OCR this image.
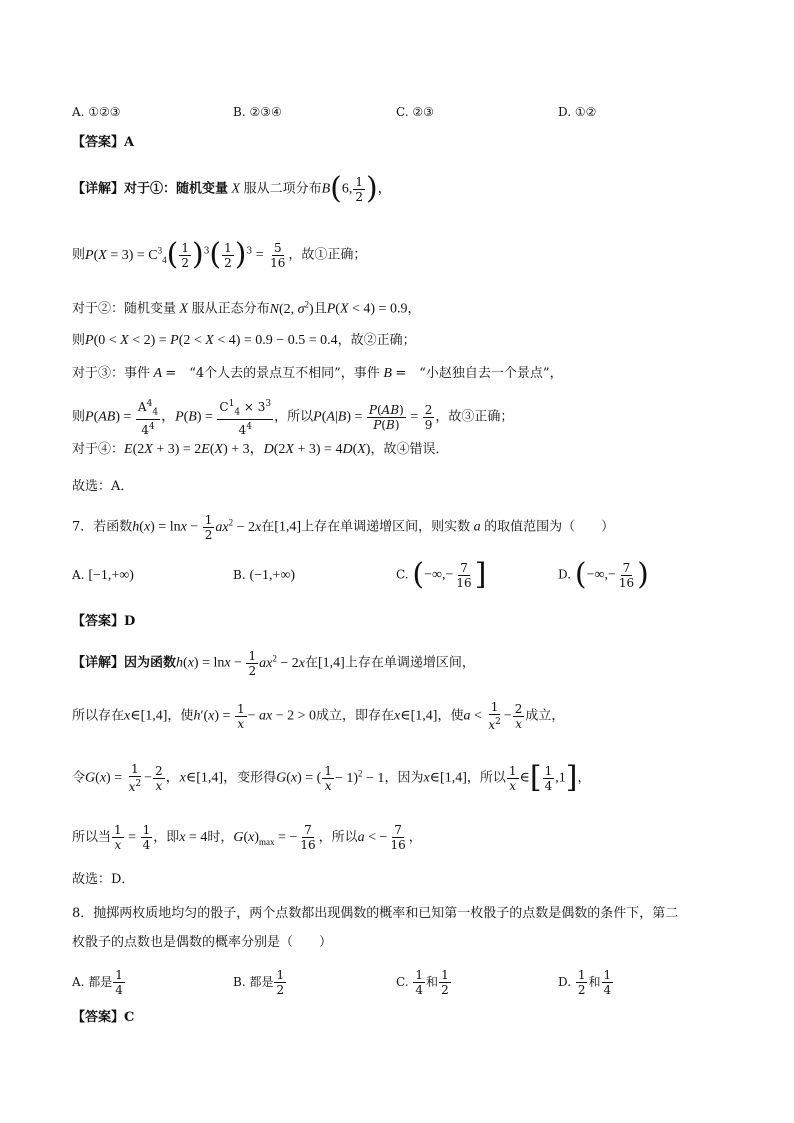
A. ①②③	B. ②③④	C. ②③	D. ①②
【答案】A
【详解】对于①：随机变量 X 服从二项分布B(6, $\frac{1}{2}$ )，
则$P(X = 3) = C^3_4( \frac{1}{2} )^3( \frac{1}{2} )^3 = \frac{5}{16}$ ，故①正确；
对于②：随机变量 X 服从正态分布N(2, $\sigma^2$)且P(X < 4) = 0.9，
则P(0 < X < 2) = P(2 < X < 4) = 0.9 − 0.5 = 0.4，故②正确；
对于③：事件 A =　“4个人去的景点互不相同”，事件 B =　“小赵独自去一个景点”，
则$P(AB) = \frac{A^4_4}{4^4}$ ，$P(B) = \frac{C^1_4 \times 3^3}{4^4}$ ，所以$P(A|B) = \frac{P(AB)}{P(B)} = \frac{2}{9}$ ，故③正确；
对于④：E(2X + 3) = 2E(X) + 3，D(2X + 3) = 4D(X)，故④错误．
故选：A．
7．若函数$h(x) = \ln x - \frac{1}{2} ax^2 - 2x$在[1,4]上存在单调递增区间，则实数 a 的取值范围为（　　）
A. [−1,+∞)	B. (−1,+∞)	C. (−∞,− $\frac{7}{16}$ ]	D. (−∞,− $\frac{7}{16}$ )
【答案】D
【详解】因为函数$h(x) = \ln x - \frac{1}{2} ax^2 - 2x$在[1,4]上存在单调递增区间，
所以存在x∈[1,4]，使$h'(x) = \frac{1}{x}$ − ax − 2 > 0成立，即存在x∈[1,4]，使$a < \frac{1}{x^2} - \frac{2}{x}$ 成立，
令$G(x) = \frac{1}{x^2} - \frac{2}{x}$ ，x∈[1,4]，变形得G(x) = ( $\frac{1}{x} - 1)^2 - 1$，因为x∈[1,4]，所以 $\frac{1}{x}$ ∈[ $\frac{1}{4} ,1$]，
所以当 $\frac{1}{x} = \frac{1}{4}$ ，即x = 4时，$G(x)_{max}$ = − $\frac{7}{16}$ ，所以a < − $\frac{7}{16}$ ，
故选：D．
8．抛掷两枚质地均匀的骰子，两个点数都出现偶数的概率和已知第一枚骰子的点数是偶数的条件下，第二
枚骰子的点数也是偶数的概率分别是（　　）
A. 都是 $\frac{1}{4}$	B. 都是 $\frac{1}{2}$	C. $\frac{1}{4}$ 和 $\frac{1}{2}$	D. $\frac{1}{2}$ 和 $\frac{1}{4}$
【答案】C
